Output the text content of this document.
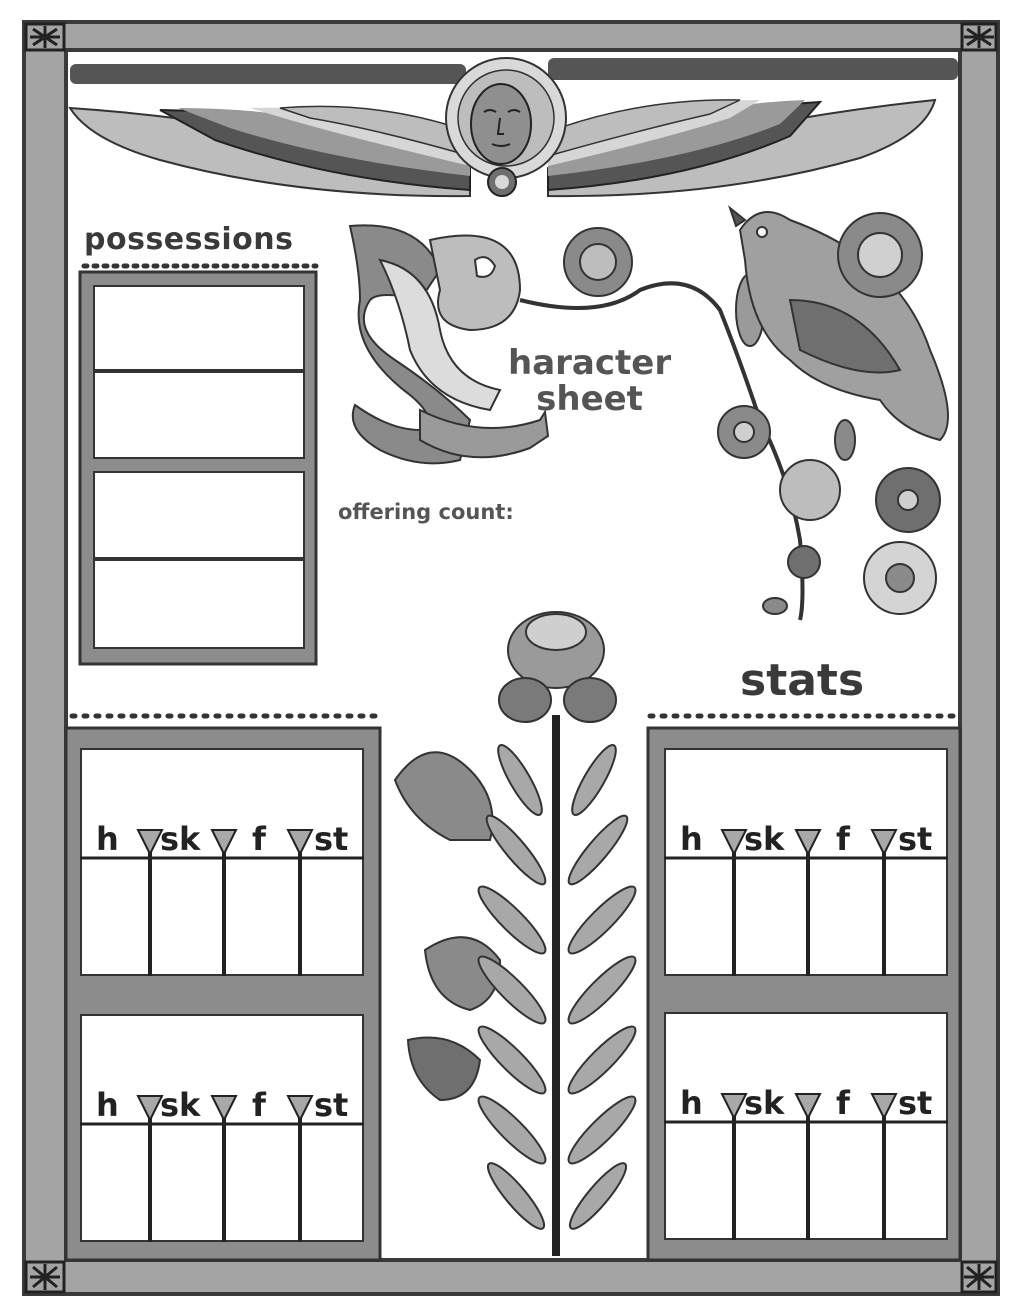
possessions
haracter
sheet
offering count:
stats
h sk f st
h sk f st
h sk f st
h sk f st
